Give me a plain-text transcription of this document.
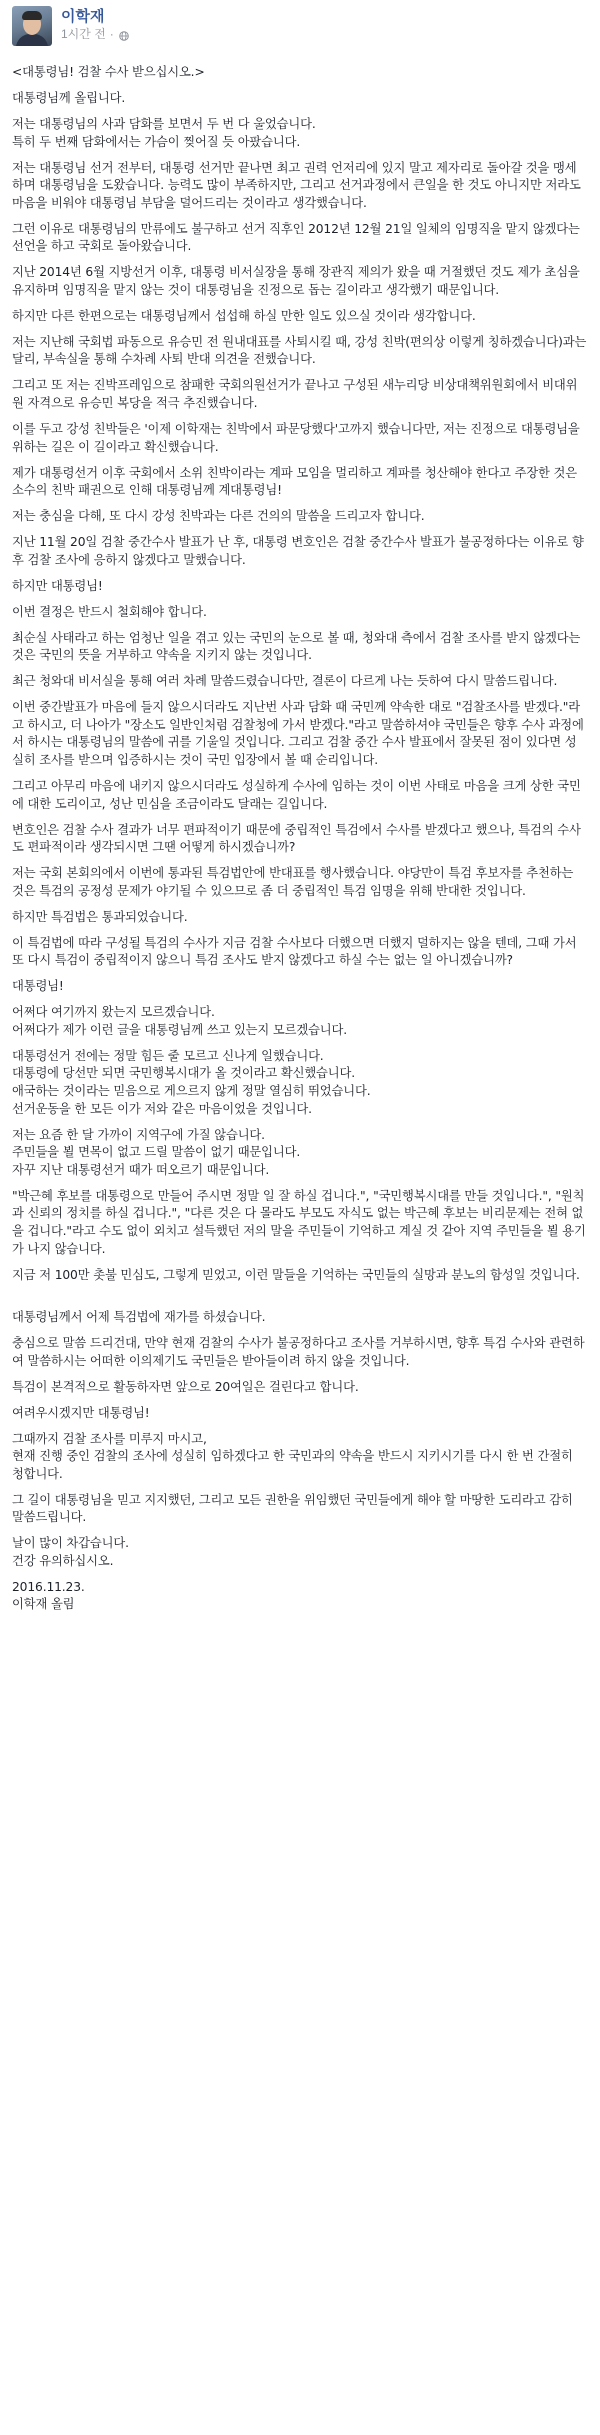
이학재
1시간 전 ·

<대통령님! 검찰 수사 받으십시오.>

대통령님께 올립니다.

저는 대통령님의 사과 담화를 보면서 두 번 다 울었습니다.
특히 두 번째 담화에서는 가슴이 찢어질 듯 아팠습니다.

저는 대통령님 선거 전부터, 대통령 선거만 끝나면 최고 권력 언저리에 있지 말고 제자리로 돌아갈 것을 맹세하며 대통령님을 도왔습니다. 능력도 많이 부족하지만, 그리고 선거과정에서 큰일을 한 것도 아니지만 저라도 마음을 비워야 대통령님 부담을 덜어드리는 것이라고 생각했습니다.

그런 이유로 대통령님의 만류에도 불구하고 선거 직후인 2012년 12월 21일 일체의 임명직을 맡지 않겠다는 선언을 하고 국회로 돌아왔습니다.

지난 2014년 6월 지방선거 이후, 대통령 비서실장을 통해 장관직 제의가 왔을 때 거절했던 것도 제가 초심을 유지하며 임명직을 맡지 않는 것이 대통령님을 진정으로 돕는 길이라고 생각했기 때문입니다.

하지만 다른 한편으로는 대통령님께서 섭섭해 하실 만한 일도 있으실 것이라 생각합니다.

저는 지난해 국회법 파동으로 유승민 전 원내대표를 사퇴시킬 때, 강성 친박(편의상 이렇게 칭하겠습니다)과는 달리, 부속실을 통해 수차례 사퇴 반대 의견을 전했습니다.

그리고 또 저는 진박프레임으로 참패한 국회의원선거가 끝나고 구성된 새누리당 비상대책위원회에서 비대위원 자격으로 유승민 복당을 적극 추진했습니다.

이를 두고 강성 친박들은 '이제 이학재는 친박에서 파문당했다'고까지 했습니다만, 저는 진정으로 대통령님을 위하는 길은 이 길이라고 확신했습니다.

제가 대통령선거 이후 국회에서 소위 친박이라는 계파 모임을 멀리하고 계파를 청산해야 한다고 주장한 것은 소수의 친박 패권으로 인해 대통령님께 계대통령님!

저는 충심을 다해, 또 다시 강성 친박과는 다른 건의의 말씀을 드리고자 합니다.

지난 11월 20일 검찰 중간수사 발표가 난 후, 대통령 변호인은 검찰 중간수사 발표가 불공정하다는 이유로 향후 검찰 조사에 응하지 않겠다고 말했습니다.

하지만 대통령님!

이번 결정은 반드시 철회해야 합니다.

최순실 사태라고 하는 엄청난 일을 겪고 있는 국민의 눈으로 볼 때, 청와대 측에서 검찰 조사를 받지 않겠다는 것은 국민의 뜻을 거부하고 약속을 지키지 않는 것입니다.

최근 청와대 비서실을 통해 여러 차례 말씀드렸습니다만, 결론이 다르게 나는 듯하여 다시 말씀드립니다.

이번 중간발표가 마음에 들지 않으시더라도 지난번 사과 담화 때 국민께 약속한 대로 "검찰조사를 받겠다."라고 하시고, 더 나아가 "장소도 일반인처럼 검찰청에 가서 받겠다."라고 말씀하셔야 국민들은 향후 수사 과정에서 하시는 대통령님의 말씀에 귀를 기울일 것입니다. 그리고 검찰 중간 수사 발표에서 잘못된 점이 있다면 성실히 조사를 받으며 입증하시는 것이 국민 입장에서 볼 때 순리입니다.

그리고 아무리 마음에 내키지 않으시더라도 성실하게 수사에 임하는 것이 이번 사태로 마음을 크게 상한 국민에 대한 도리이고, 성난 민심을 조금이라도 달래는 길입니다.

변호인은 검찰 수사 결과가 너무 편파적이기 때문에 중립적인 특검에서 수사를 받겠다고 했으나, 특검의 수사도 편파적이라 생각되시면 그땐 어떻게 하시겠습니까?

저는 국회 본회의에서 이번에 통과된 특검법안에 반대표를 행사했습니다. 야당만이 특검 후보자를 추천하는 것은 특검의 공정성 문제가 야기될 수 있으므로 좀 더 중립적인 특검 임명을 위해 반대한 것입니다.

하지만 특검법은 통과되었습니다.

이 특검법에 따라 구성될 특검의 수사가 지금 검찰 수사보다 더했으면 더했지 덜하지는 않을 텐데, 그때 가서 또 다시 특검이 중립적이지 않으니 특검 조사도 받지 않겠다고 하실 수는 없는 일 아니겠습니까?

대통령님!

어쩌다 여기까지 왔는지 모르겠습니다.
어쩌다가 제가 이런 글을 대통령님께 쓰고 있는지 모르겠습니다.

대통령선거 전에는 정말 힘든 줄 모르고 신나게 일했습니다.
대통령에 당선만 되면 국민행복시대가 올 것이라고 확신했습니다.
애국하는 것이라는 믿음으로 게으르지 않게 정말 열심히 뛰었습니다.
선거운동을 한 모든 이가 저와 같은 마음이었을 것입니다.

저는 요즘 한 달 가까이 지역구에 가질 않습니다.
주민들을 뵐 면목이 없고 드릴 말씀이 없기 때문입니다.
자꾸 지난 대통령선거 때가 떠오르기 때문입니다.

"박근혜 후보를 대통령으로 만들어 주시면 정말 일 잘 하실 겁니다.", "국민행복시대를 만들 것입니다.", "원칙과 신뢰의 정치를 하실 겁니다.", "다른 것은 다 몰라도 부모도 자식도 없는 박근혜 후보는 비리문제는 전혀 없을 겁니다."라고 수도 없이 외치고 설득했던 저의 말을 주민들이 기억하고 계실 것 같아 지역 주민들을 뵐 용기가 나지 않습니다.

지금 저 100만 촛불 민심도, 그렇게 믿었고, 이런 말들을 기억하는 국민들의 실망과 분노의 함성일 것입니다.

대통령님께서 어제 특검법에 재가를 하셨습니다.

충심으로 말씀 드리건대, 만약 현재 검찰의 수사가 불공정하다고 조사를 거부하시면, 향후 특검 수사와 관련하여 말씀하시는 어떠한 이의제기도 국민들은 받아들이려 하지 않을 것입니다.

특검이 본격적으로 활동하자면 앞으로 20여일은 걸린다고 합니다.

여려우시겠지만 대통령님!

그때까지 검찰 조사를 미루지 마시고,
현재 진행 중인 검찰의 조사에 성실히 임하겠다고 한 국민과의 약속을 반드시 지키시기를 다시 한 번 간절히 청합니다.

그 길이 대통령님을 믿고 지지했던, 그리고 모든 권한을 위임했던 국민들에게 해야 할 마땅한 도리라고 감히 말씀드립니다.

날이 많이 차갑습니다.
건강 유의하십시오.

2016.11.23.
이학재 올림
